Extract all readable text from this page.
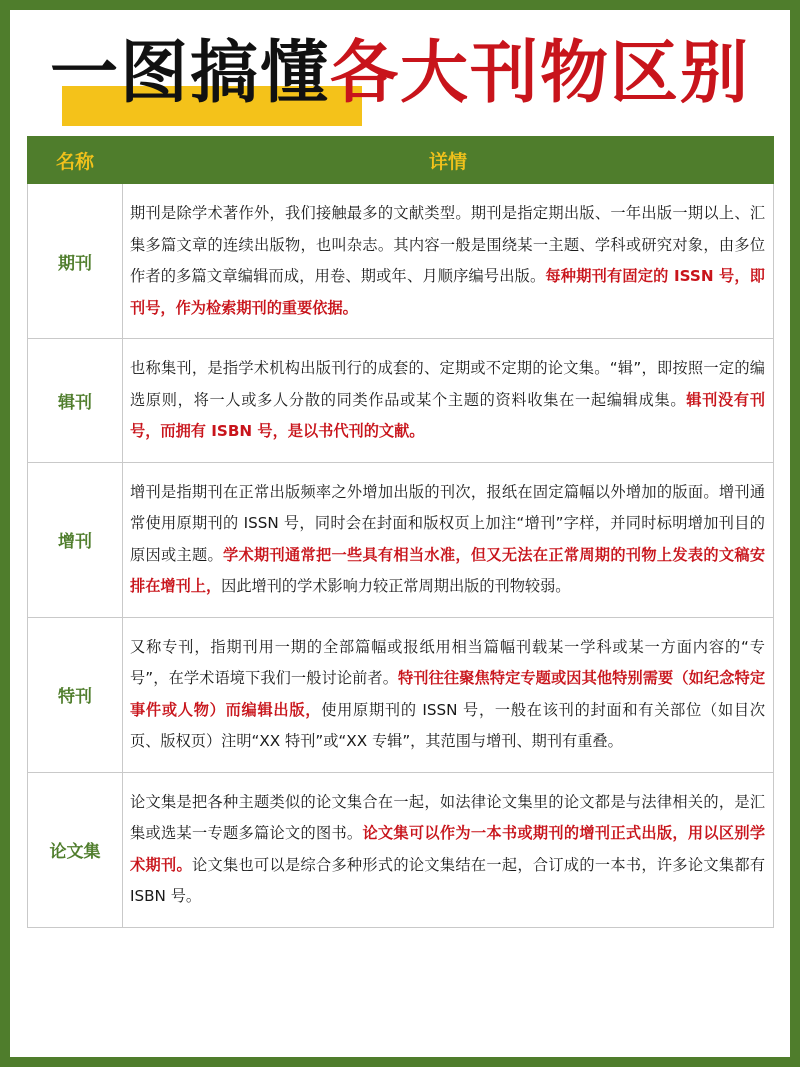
一图搞懂各大刊物区别
名称	详情
期刊	期刊是除学术著作外，我们接触最多的文献类型。期刊是指定期出版、一年出版一期以上、汇集多篇文章的连续出版物，也叫杂志。其内容一般是围绕某一主题、学科或研究对象，由多位作者的多篇文章编辑而成，用卷、期或年、月顺序编号出版。每种期刊有固定的 ISSN 号，即刊号，作为检索期刊的重要依据。
辑刊	也称集刊，是指学术机构出版刊行的成套的、定期或不定期的论文集。“辑”，即按照一定的编选原则，将一人或多人分散的同类作品或某个主题的资料收集在一起编辑成集。辑刊没有刊号，而拥有 ISBN 号，是以书代刊的文献。
增刊	增刊是指期刊在正常出版频率之外增加出版的刊次，报纸在固定篇幅以外增加的版面。增刊通常使用原期刊的 ISSN 号，同时会在封面和版权页上加注“增刊”字样，并同时标明增加刊目的原因或主题。学术期刊通常把一些具有相当水准，但又无法在正常周期的刊物上发表的文稿安排在增刊上，因此增刊的学术影响力较正常周期出版的刊物较弱。
特刊	又称专刊，指期刊用一期的全部篇幅或报纸用相当篇幅刊载某一学科或某一方面内容的“专号”，在学术语境下我们一般讨论前者。特刊往往聚焦特定专题或因其他特别需要（如纪念特定事件或人物）而编辑出版，使用原期刊的 ISSN 号，一般在该刊的封面和有关部位（如目次页、版权页）注明“XX 特刊”或“XX 专辑”，其范围与增刊、期刊有重叠。
论文集	论文集是把各种主题类似的论文集合在一起，如法律论文集里的论文都是与法律相关的，是汇集或选某一专题多篇论文的图书。论文集可以作为一本书或期刊的增刊正式出版，用以区别学术期刊。论文集也可以是综合多种形式的论文集结在一起，合订成的一本书，许多论文集都有 ISBN 号。
